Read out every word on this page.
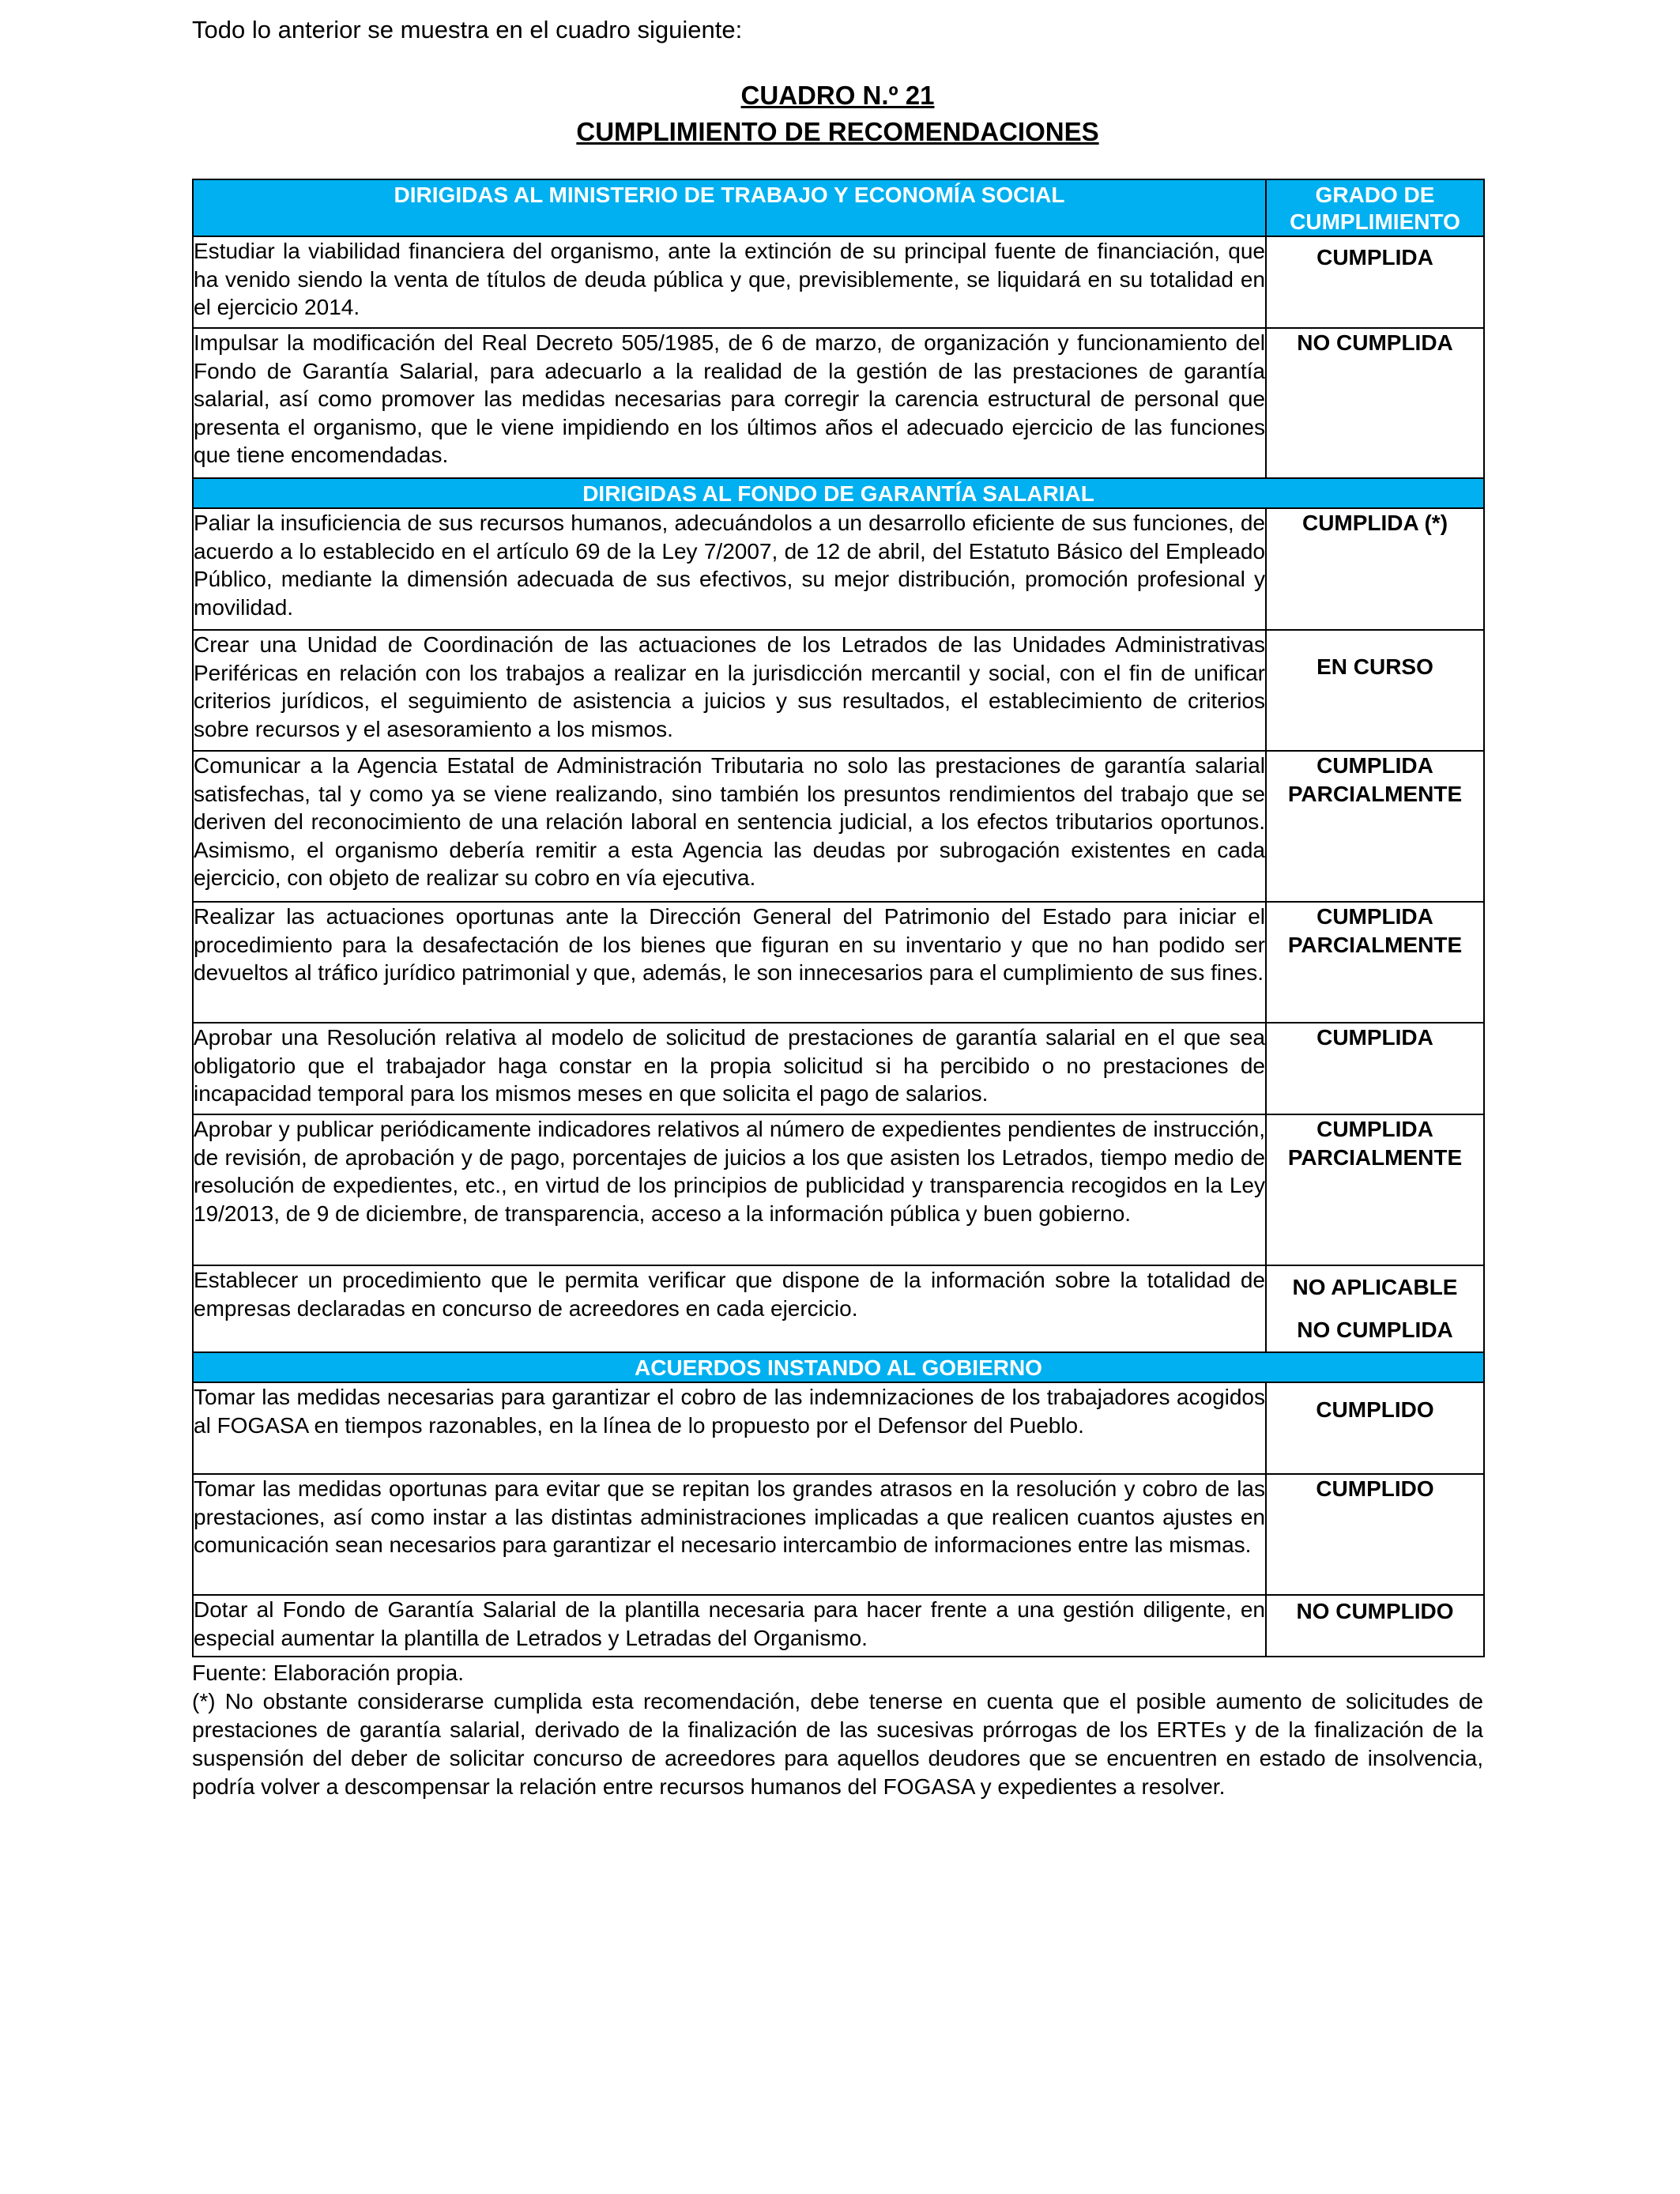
Todo lo anterior se muestra en el cuadro siguiente:
CUADRO N.º 21
CUMPLIMIENTO DE RECOMENDACIONES
DIRIGIDAS AL MINISTERIO DE TRABAJO Y ECONOMÍA SOCIAL	GRADO DE CUMPLIMIENTO
Estudiar la viabilidad financiera del organismo, ante la extinción de su principal fuente de financiación, que ha venido siendo la venta de títulos de deuda pública y que, previsiblemente, se liquidará en su totalidad en el ejercicio 2014.	CUMPLIDA
Impulsar la modificación del Real Decreto 505/1985, de 6 de marzo, de organización y funcionamiento del Fondo de Garantía Salarial, para adecuarlo a la realidad de la gestión de las prestaciones de garantía salarial, así como promover las medidas necesarias para corregir la carencia estructural de personal que presenta el organismo, que le viene impidiendo en los últimos años el adecuado ejercicio de las funciones que tiene encomendadas.	NO CUMPLIDA
DIRIGIDAS AL FONDO DE GARANTÍA SALARIAL	
Paliar la insuficiencia de sus recursos humanos, adecuándolos a un desarrollo eficiente de sus funciones, de acuerdo a lo establecido en el artículo 69 de la Ley 7/2007, de 12 de abril, del Estatuto Básico del Empleado Público, mediante la dimensión adecuada de sus efectivos, su mejor distribución, promoción profesional y movilidad.	CUMPLIDA (*)
Crear una Unidad de Coordinación de las actuaciones de los Letrados de las Unidades Administrativas Periféricas en relación con los trabajos a realizar en la jurisdicción mercantil y social, con el fin de unificar criterios jurídicos, el seguimiento de asistencia a juicios y sus resultados, el establecimiento de criterios sobre recursos y el asesoramiento a los mismos.	EN CURSO
Comunicar a la Agencia Estatal de Administración Tributaria no solo las prestaciones de garantía salarial satisfechas, tal y como ya se viene realizando, sino también los presuntos rendimientos del trabajo que se deriven del reconocimiento de una relación laboral en sentencia judicial, a los efectos tributarios oportunos. Asimismo, el organismo debería remitir a esta Agencia las deudas por subrogación existentes en cada ejercicio, con objeto de realizar su cobro en vía ejecutiva.	CUMPLIDA
PARCIALMENTE

Realizar las actuaciones oportunas ante la Dirección General del Patrimonio del Estado para iniciar el procedimiento para la desafectación de los bienes que figuran en su inventario y que no han podido ser devueltos al tráfico jurídico patrimonial y que, además, le son innecesarios para el cumplimiento de sus fines.	CUMPLIDA
PARCIALMENTE

Aprobar una Resolución relativa al modelo de solicitud de prestaciones de garantía salarial en el que sea obligatorio que el trabajador haga constar en la propia solicitud si ha percibido o no prestaciones de incapacidad temporal para los mismos meses en que solicita el pago de salarios.	CUMPLIDA
Aprobar y publicar periódicamente indicadores relativos al número de expedientes pendientes de instrucción, de revisión, de aprobación y de pago, porcentajes de juicios a los que asisten los Letrados, tiempo medio de resolución de expedientes, etc., en virtud de los principios de publicidad y transparencia recogidos en la Ley 19/2013, de 9 de diciembre, de transparencia, acceso a la información pública y buen gobierno.	CUMPLIDA
PARCIALMENTE

Establecer un procedimiento que le permita verificar que dispone de la información sobre la totalidad de empresas declaradas en concurso de acreedores en cada ejercicio.	NO APLICABLE
NO CUMPLIDA

ACUERDOS INSTANDO AL GOBIERNO	
Tomar las medidas necesarias para garantizar el cobro de las indemnizaciones de los trabajadores acogidos al FOGASA en tiempos razonables, en la línea de lo propuesto por el Defensor del Pueblo.	CUMPLIDO
Tomar las medidas oportunas para evitar que se repitan los grandes atrasos en la resolución y cobro de las prestaciones, así como instar a las distintas administraciones implicadas a que realicen cuantos ajustes en comunicación sean necesarios para garantizar el necesario intercambio de informaciones entre las mismas.	CUMPLIDO
Dotar al Fondo de Garantía Salarial de la plantilla necesaria para hacer frente a una gestión diligente, en especial aumentar la plantilla de Letrados y Letradas del Organismo.	NO CUMPLIDO

Fuente: Elaboración propia.

(*) No obstante considerarse cumplida esta recomendación, debe tenerse en cuenta que el posible aumento de solicitudes de prestaciones de garantía salarial, derivado de la finalización de las sucesivas prórrogas de los ERTEs y de la finalización de la suspensión del deber de solicitar concurso de acreedores para aquellos deudores que se encuentren en estado de insolvencia, podría volver a descompensar la relación entre recursos humanos del FOGASA y expedientes a resolver.
